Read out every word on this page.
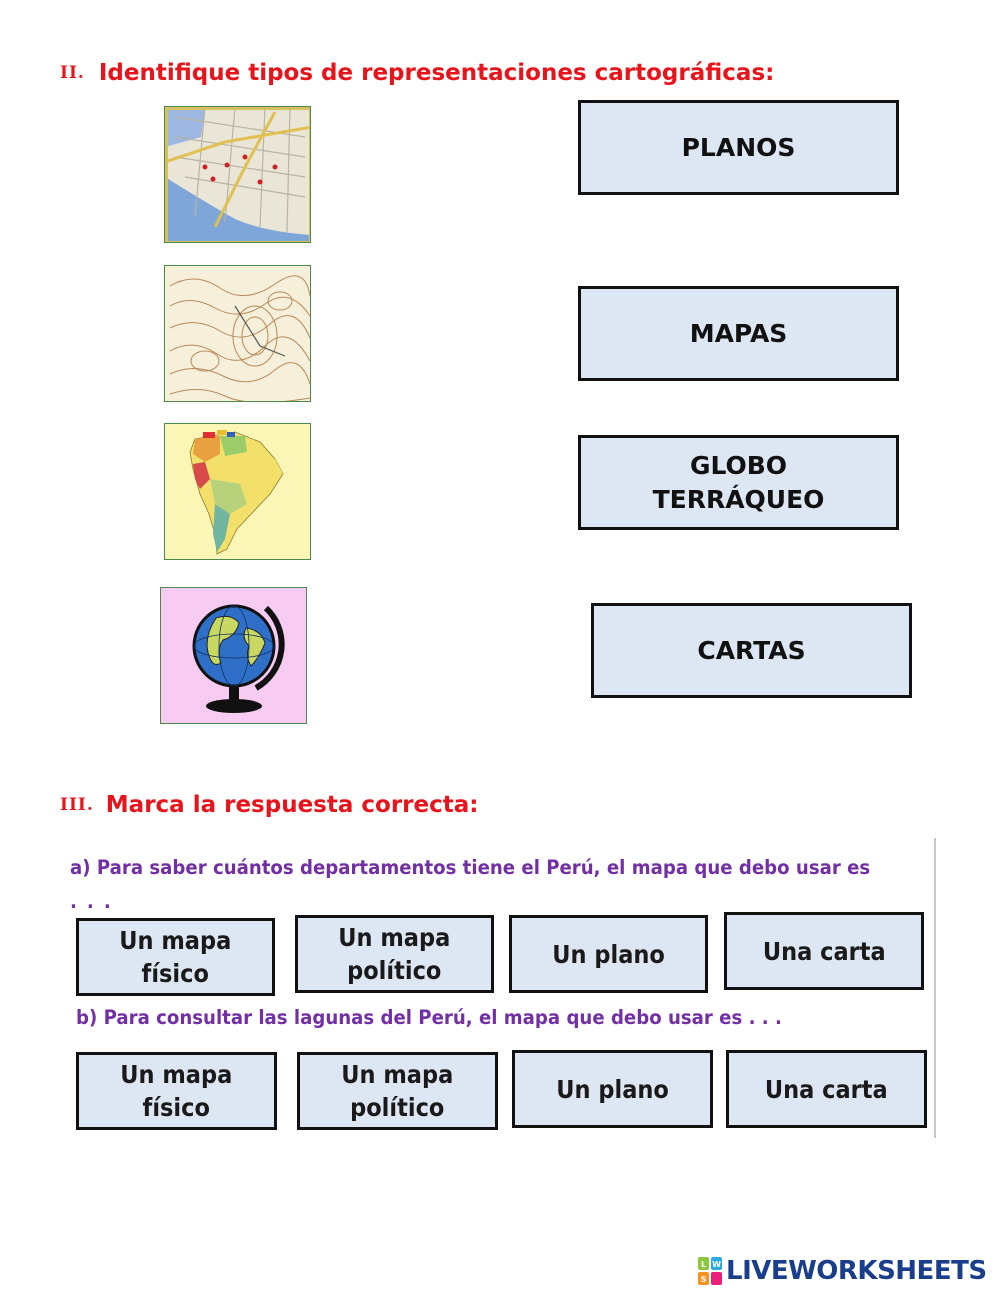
II. Identifique tipos de representaciones cartográficas:
PLANOS
MAPAS
GLOBO
TERRÁQUEO
CARTAS
III. Marca la respuesta correcta:
a) Para saber cuántos departamentos tiene el Perú, el mapa que debo usar es
. . .
Un mapa
físico
Un mapa
político
Un plano	Una carta
b) Para consultar las lagunas del Perú, el mapa que debo usar es . . .
Un mapa
físico
Un mapa
político
Un plano	Una carta
L W
S LIVEWORKSHEETS
